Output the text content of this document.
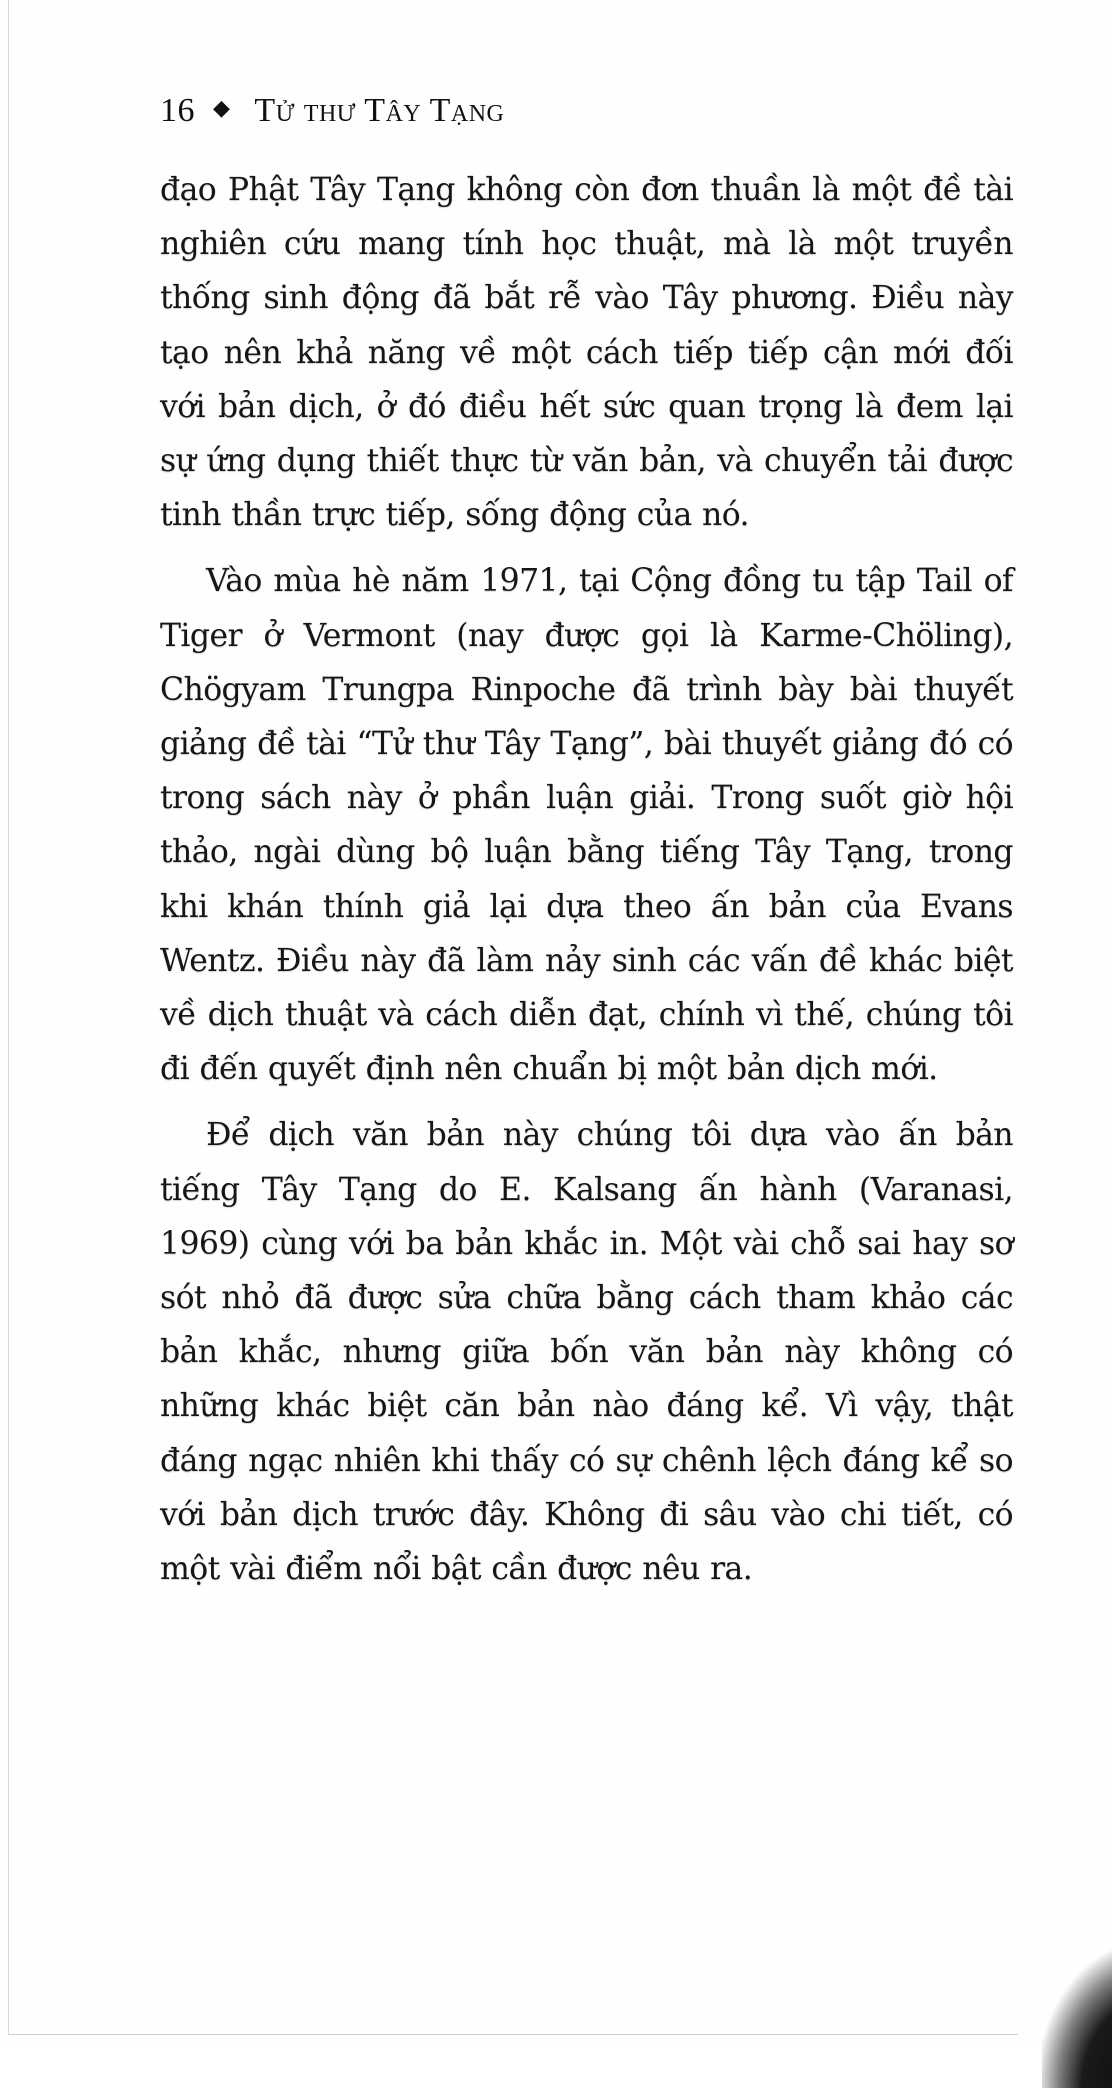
16 ◆ Tử thư Tây Tạng

đạo Phật Tây Tạng không còn đơn thuần là một đề tài nghiên cứu mang tính học thuật, mà là một truyền thống sinh động đã bắt rễ vào Tây phương. Điều này tạo nên khả năng về một cách tiếp tiếp cận mới đối với bản dịch, ở đó điều hết sức quan trọng là đem lại sự ứng dụng thiết thực từ văn bản, và chuyển tải được tinh thần trực tiếp, sống động của nó.

Vào mùa hè năm 1971, tại Cộng đồng tu tập Tail of Tiger ở Vermont (nay được gọi là Karme-Chöling), Chögyam Trungpa Rinpoche đã trình bày bài thuyết giảng đề tài “Tử thư Tây Tạng”, bài thuyết giảng đó có trong sách này ở phần luận giải. Trong suốt giờ hội thảo, ngài dùng bộ luận bằng tiếng Tây Tạng, trong khi khán thính giả lại dựa theo ấn bản của Evans Wentz. Điều này đã làm nảy sinh các vấn đề khác biệt về dịch thuật và cách diễn đạt, chính vì thế, chúng tôi đi đến quyết định nên chuẩn bị một bản dịch mới.

Để dịch văn bản này chúng tôi dựa vào ấn bản tiếng Tây Tạng do E. Kalsang ấn hành (Varanasi, 1969) cùng với ba bản khắc in. Một vài chỗ sai hay sơ sót nhỏ đã được sửa chữa bằng cách tham khảo các bản khắc, nhưng giữa bốn văn bản này không có những khác biệt căn bản nào đáng kể. Vì vậy, thật đáng ngạc nhiên khi thấy có sự chênh lệch đáng kể so với bản dịch trước đây. Không đi sâu vào chi tiết, có một vài điểm nổi bật cần được nêu ra.
